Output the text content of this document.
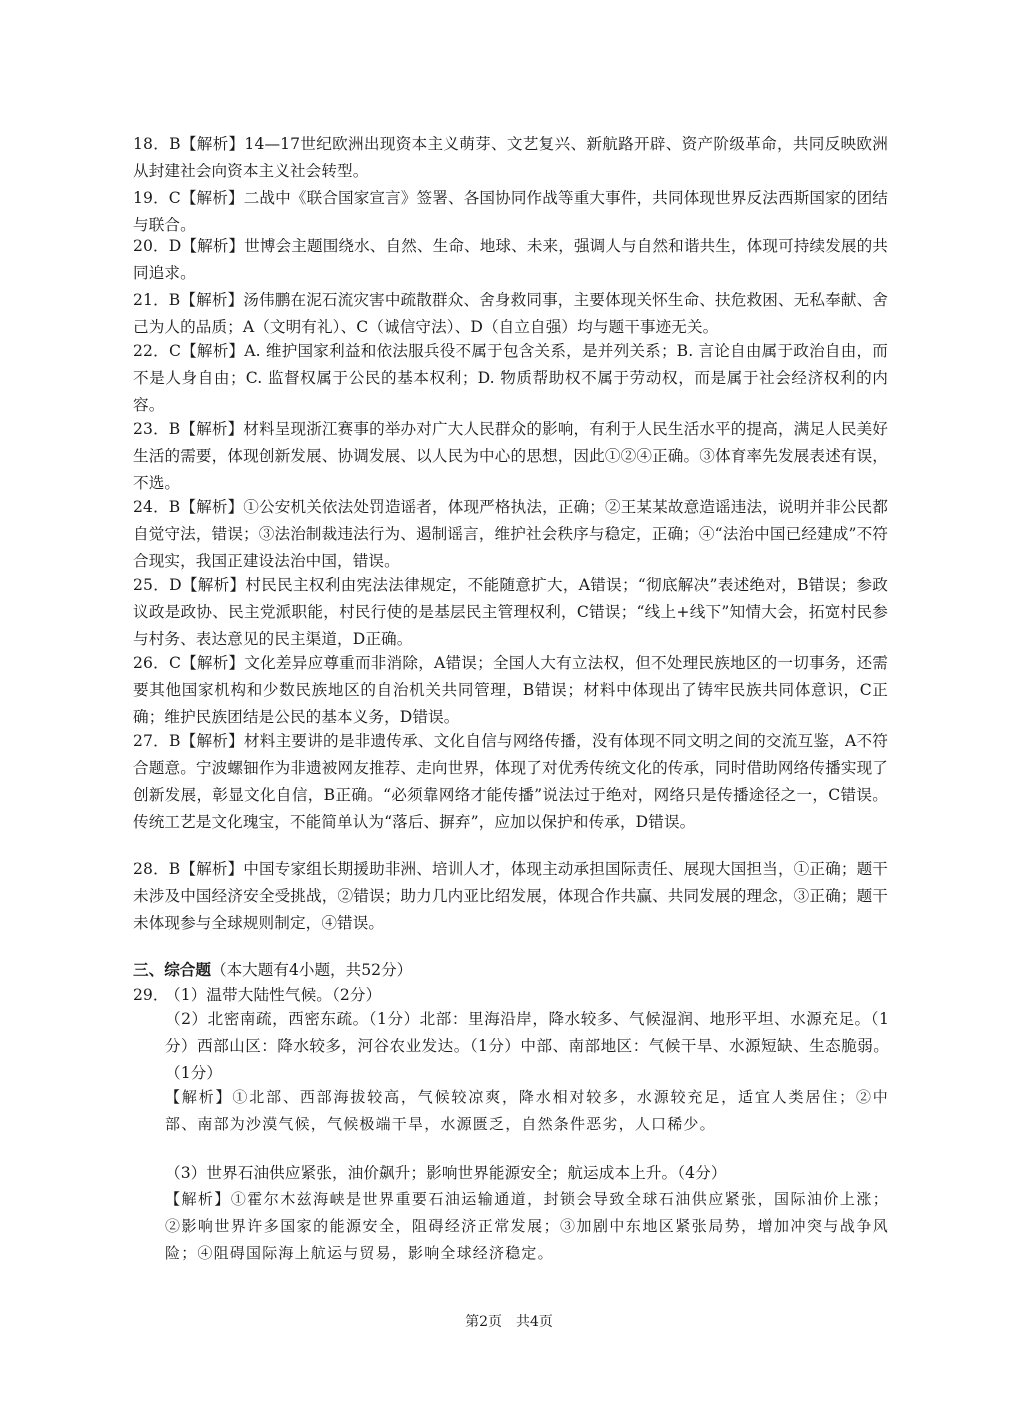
18．B【解析】14—17世纪欧洲出现资本主义萌芽、文艺复兴、新航路开辟、资产阶级革命，共同反映欧洲从封建社会向资本主义社会转型。

19．C【解析】二战中《联合国家宣言》签署、各国协同作战等重大事件，共同体现世界反法西斯国家的团结与联合。

20．D【解析】世博会主题围绕水、自然、生命、地球、未来，强调人与自然和谐共生，体现可持续发展的共同追求。

21．B【解析】汤伟鹏在泥石流灾害中疏散群众、舍身救同事，主要体现关怀生命、扶危救困、无私奉献、舍己为人的品质；A（文明有礼）、C（诚信守法）、D（自立自强）均与题干事迹无关。

22．C【解析】A. 维护国家利益和依法服兵役不属于包含关系，是并列关系；B. 言论自由属于政治自由，而不是人身自由；C. 监督权属于公民的基本权利；D. 物质帮助权不属于劳动权，而是属于社会经济权利的内容。

23．B【解析】材料呈现浙江赛事的举办对广大人民群众的影响，有利于人民生活水平的提高，满足人民美好生活的需要，体现创新发展、协调发展、以人民为中心的思想，因此①②④正确。③体育率先发展表述有误，不选。

24．B【解析】①公安机关依法处罚造谣者，体现严格执法，正确；②王某某故意造谣违法，说明并非公民都自觉守法，错误；③法治制裁违法行为、遏制谣言，维护社会秩序与稳定，正确；④“法治中国已经建成”不符合现实，我国正建设法治中国，错误。

25．D【解析】村民民主权利由宪法法律规定，不能随意扩大，A错误；“彻底解决”表述绝对，B错误；参政议政是政协、民主党派职能，村民行使的是基层民主管理权利，C错误；“线上+线下”知情大会，拓宽村民参与村务、表达意见的民主渠道，D正确。

26．C【解析】文化差异应尊重而非消除，A错误；全国人大有立法权，但不处理民族地区的一切事务，还需要其他国家机构和少数民族地区的自治机关共同管理，B错误；材料中体现出了铸牢民族共同体意识，C正确；维护民族团结是公民的基本义务，D错误。

27．B【解析】材料主要讲的是非遗传承、文化自信与网络传播，没有体现不同文明之间的交流互鉴，A不符合题意。宁波螺钿作为非遗被网友推荐、走向世界，体现了对优秀传统文化的传承，同时借助网络传播实现了创新发展，彰显文化自信，B正确。“必须靠网络才能传播”说法过于绝对，网络只是传播途径之一，C错误。传统工艺是文化瑰宝，不能简单认为“落后、摒弃”，应加以保护和传承，D错误。

28．B【解析】中国专家组长期援助非洲、培训人才，体现主动承担国际责任、展现大国担当，①正确；题干未涉及中国经济安全受挑战，②错误；助力几内亚比绍发展，体现合作共赢、共同发展的理念，③正确；题干未体现参与全球规则制定，④错误。

三、综合题（本大题有4小题，共52分）

29．

（1）温带大陆性气候。（2分）

（2）北密南疏，西密东疏。（1分）北部：里海沿岸，降水较多、气候湿润、地形平坦、水源充足。（1分）西部山区：降水较多，河谷农业发达。（1分）中部、南部地区：气候干旱、水源短缺、生态脆弱。（1分）

【解析】①北部、西部海拔较高，气候较凉爽，降水相对较多，水源较充足，适宜人类居住；②中部、南部为沙漠气候，气候极端干旱，水源匮乏，自然条件恶劣，人口稀少。

（3）世界石油供应紧张，油价飙升；影响世界能源安全；航运成本上升。（4分）

【解析】①霍尔木兹海峡是世界重要石油运输通道，封锁会导致全球石油供应紧张，国际油价上涨；②影响世界许多国家的能源安全，阻碍经济正常发展；③加剧中东地区紧张局势，增加冲突与战争风险；④阻碍国际海上航运与贸易，影响全球经济稳定。

第2页　共4页
